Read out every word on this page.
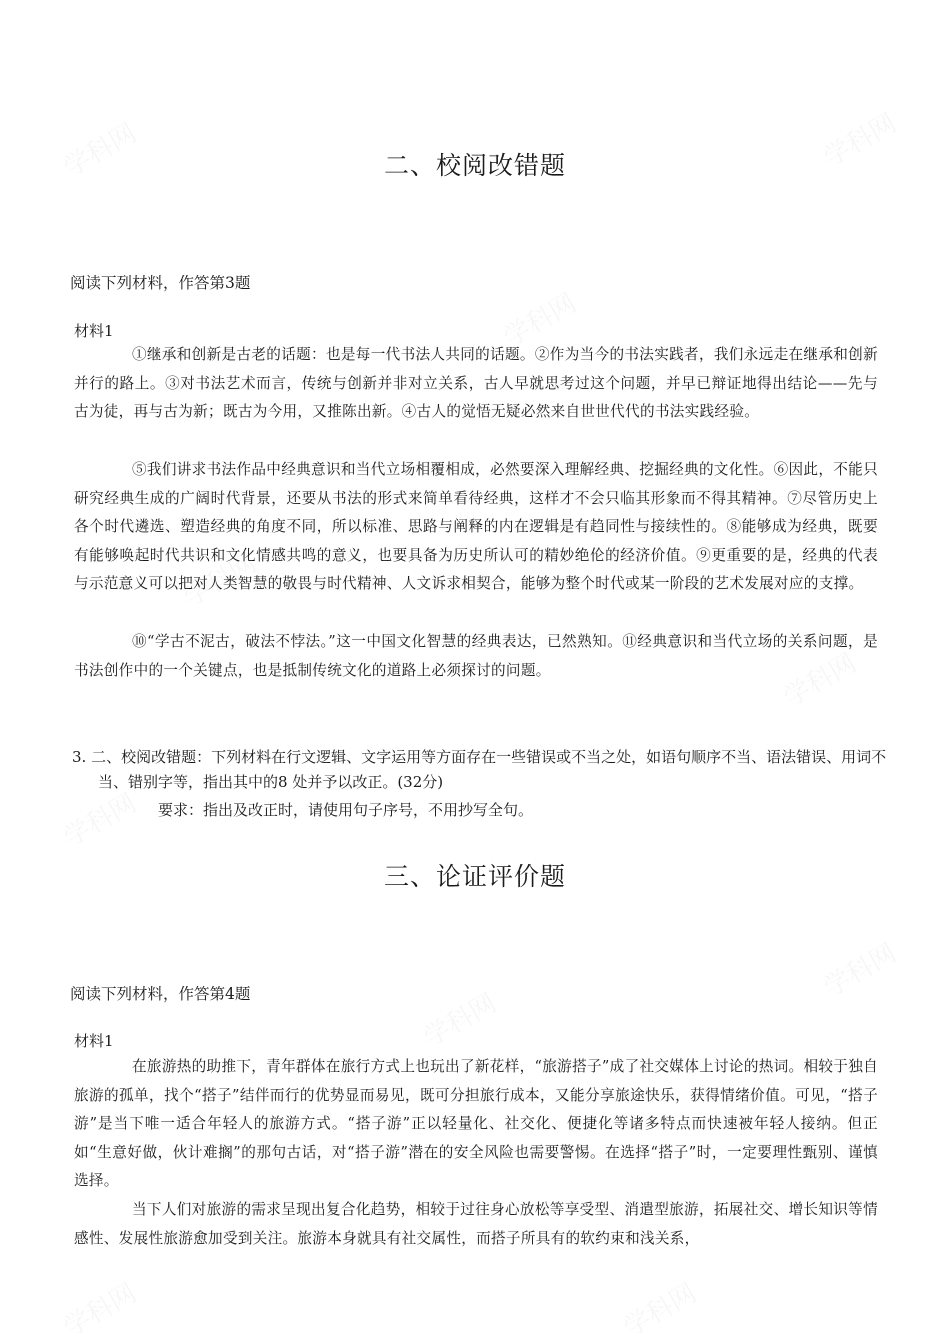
二、校阅改错题
阅读下列材料，作答第3题
材料1

①继承和创新是古老的话题：也是每一代书法人共同的话题。②作为当今的书法实践者，我们永远走在继承和创新并行的路上。③对书法艺术而言，传统与创新并非对立关系，古人早就思考过这个问题，并早已辩证地得出结论——先与古为徒，再与古为新；既古为今用，又推陈出新。④古人的觉悟无疑必然来自世世代代的书法实践经验。

⑤我们讲求书法作品中经典意识和当代立场相覆相成，必然要深入理解经典、挖掘经典的文化性。⑥因此，不能只研究经典生成的广阔时代背景，还要从书法的形式来简单看待经典，这样才不会只临其形象而不得其精神。⑦尽管历史上各个时代遴选、塑造经典的角度不同，所以标准、思路与阐释的内在逻辑是有趋同性与接续性的。⑧能够成为经典，既要有能够唤起时代共识和文化情感共鸣的意义，也要具备为历史所认可的精妙绝伦的经济价值。⑨更重要的是，经典的代表与示范意义可以把对人类智慧的敬畏与时代精神、人文诉求相契合，能够为整个时代或某一阶段的艺术发展对应的支撑。

⑩“学古不泥古，破法不悖法。”这一中国文化智慧的经典表达，已然熟知。⑪经典意识和当代立场的关系问题，是书法创作中的一个关键点，也是抵制传统文化的道路上必须探讨的问题。

3. 二、校阅改错题：下列材料在行文逻辑、文字运用等方面存在一些错误或不当之处，如语句顺序不当、语法错误、用词不当、错别字等，指出其中的8 处并予以改正。(32分)

要求：指出及改正时，请使用句子序号，不用抄写全句。
三、论证评价题
阅读下列材料，作答第4题
材料1

在旅游热的助推下，青年群体在旅行方式上也玩出了新花样，“旅游搭子”成了社交媒体上讨论的热词。相较于独自旅游的孤单，找个“搭子”结伴而行的优势显而易见，既可分担旅行成本，又能分享旅途快乐，获得情绪价值。可见，“搭子游”是当下唯一适合年轻人的旅游方式。“搭子游”正以轻量化、社交化、便捷化等诸多特点而快速被年轻人接纳。但正如“生意好做，伙计难搁”的那句古话，对“搭子游”潜在的安全风险也需要警惕。在选择“搭子”时，一定要理性甄别、谨慎选择。

当下人们对旅游的需求呈现出复合化趋势，相较于过往身心放松等享受型、消遣型旅游，拓展社交、增长知识等情感性、发展性旅游愈加受到关注。旅游本身就具有社交属性，而搭子所具有的软约束和浅关系，
